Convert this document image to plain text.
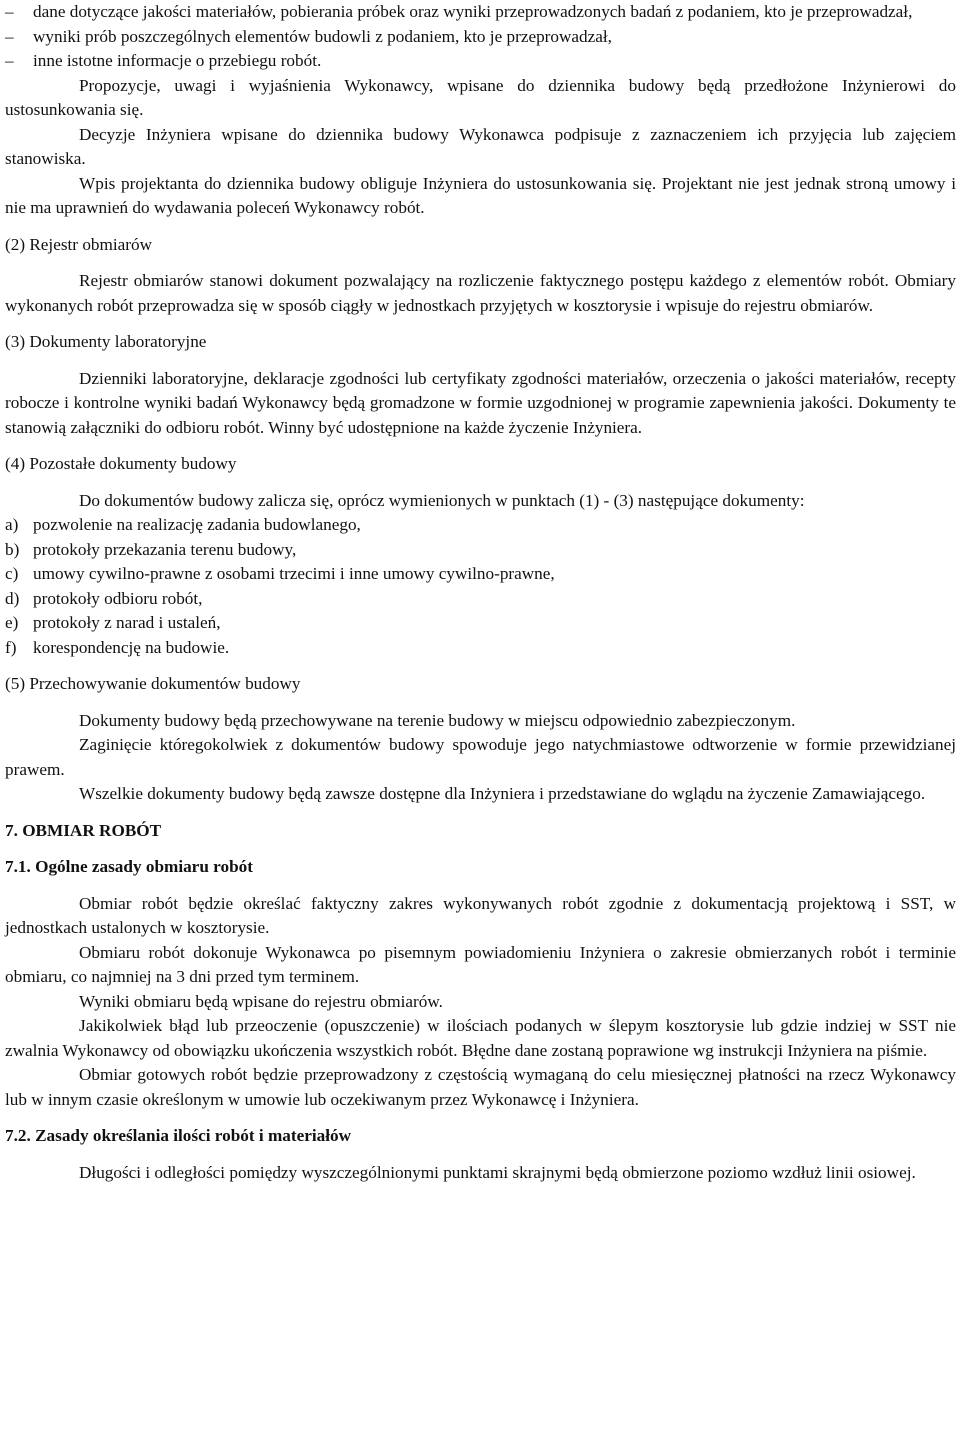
– dane dotyczące jakości materiałów, pobierania próbek oraz wyniki przeprowadzonych badań z podaniem, kto je przeprowadzał,
– wyniki prób poszczególnych elementów budowli z podaniem, kto je przeprowadzał,
– inne istotne informacje o przebiegu robót.

Propozycje, uwagi i wyjaśnienia Wykonawcy, wpisane do dziennika budowy będą przedłożone Inżynierowi do ustosunkowania się.

Decyzje Inżyniera wpisane do dziennika budowy Wykonawca podpisuje z zaznaczeniem ich przyjęcia lub zajęciem stanowiska.

Wpis projektanta do dziennika budowy obliguje Inżyniera do ustosunkowania się. Projektant nie jest jednak stroną umowy i nie ma uprawnień do wydawania poleceń Wykonawcy robót.

(2) Rejestr obmiarów

Rejestr obmiarów stanowi dokument pozwalający na rozliczenie faktycznego postępu każdego z elementów robót. Obmiary wykonanych robót przeprowadza się w sposób ciągły w jednostkach przyjętych w kosztorysie i wpisuje do rejestru obmiarów.

(3) Dokumenty laboratoryjne

Dzienniki laboratoryjne, deklaracje zgodności lub certyfikaty zgodności materiałów, orzeczenia o jakości materiałów, recepty robocze i kontrolne wyniki badań Wykonawcy będą gromadzone w formie uzgodnionej w programie zapewnienia jakości. Dokumenty te stanowią załączniki do odbioru robót. Winny być udostępnione na każde życzenie Inżyniera.

(4) Pozostałe dokumenty budowy

Do dokumentów budowy zalicza się, oprócz wymienionych w punktach (1) - (3) następujące dokumenty:

a) pozwolenie na realizację zadania budowlanego,
b) protokoły przekazania terenu budowy,
c) umowy cywilno-prawne z osobami trzecimi i inne umowy cywilno-prawne,
d) protokoły odbioru robót,
e) protokoły z narad i ustaleń,
f) korespondencję na budowie.

(5) Przechowywanie dokumentów budowy

Dokumenty budowy będą przechowywane na terenie budowy w miejscu odpowiednio zabezpieczonym.

Zaginięcie któregokolwiek z dokumentów budowy spowoduje jego natychmiastowe odtworzenie w formie przewidzianej prawem.

Wszelkie dokumenty budowy będą zawsze dostępne dla Inżyniera i przedstawiane do wglądu na życzenie Zamawiającego.

7. OBMIAR ROBÓT
7.1. Ogólne zasady obmiaru robót

Obmiar robót będzie określać faktyczny zakres wykonywanych robót zgodnie z dokumentacją projektową i SST, w jednostkach ustalonych w kosztorysie.

Obmiaru robót dokonuje Wykonawca po pisemnym powiadomieniu Inżyniera o zakresie obmierzanych robót i terminie obmiaru, co najmniej na 3 dni przed tym terminem.

Wyniki obmiaru będą wpisane do rejestru obmiarów.

Jakikolwiek błąd lub przeoczenie (opuszczenie) w ilościach podanych w ślepym kosztorysie lub gdzie indziej w SST nie zwalnia Wykonawcy od obowiązku ukończenia wszystkich robót. Błędne dane zostaną poprawione wg instrukcji Inżyniera na piśmie.

Obmiar gotowych robót będzie przeprowadzony z częstością wymaganą do celu miesięcznej płatności na rzecz Wykonawcy lub w innym czasie określonym w umowie lub oczekiwanym przez Wykonawcę i Inżyniera.

7.2. Zasady określania ilości robót i materiałów

Długości i odległości pomiędzy wyszczególnionymi punktami skrajnymi będą obmierzone poziomo wzdłuż linii osiowej.
